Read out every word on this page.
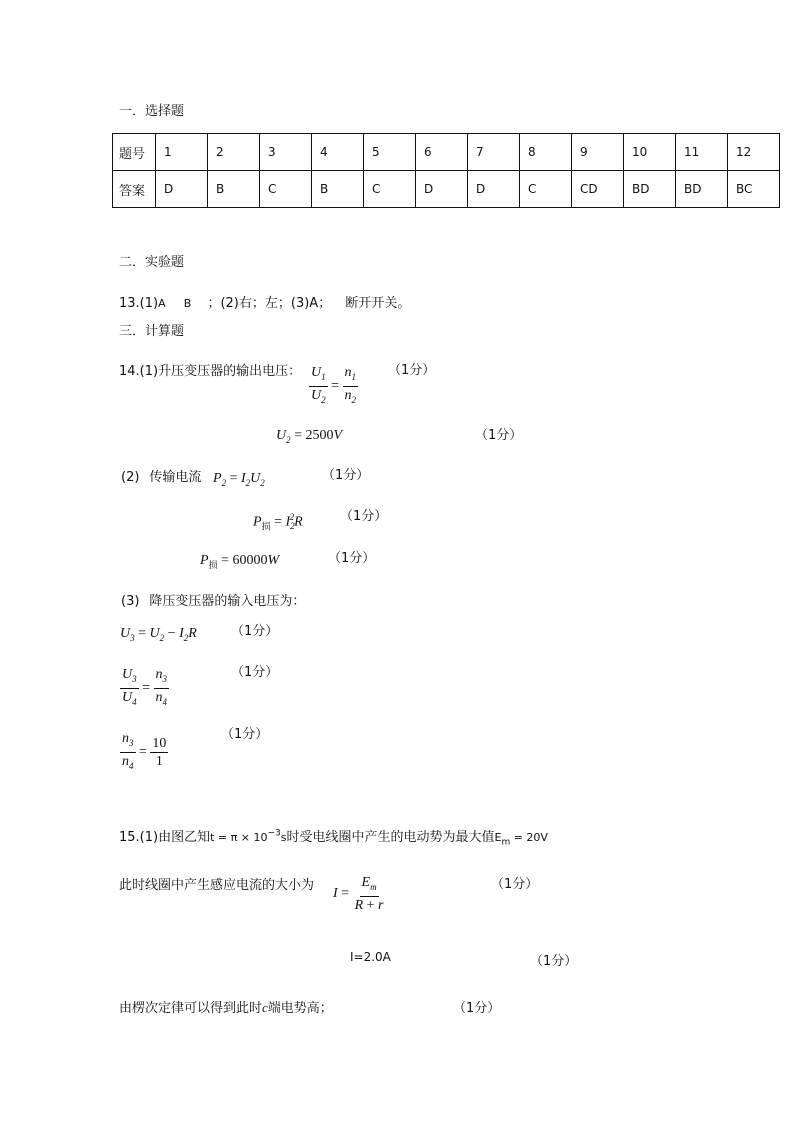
一．选择题
题号	1	2	3	4	5	6	7	8	9	10	11	12
答案	D	B	C	B	C	D	D	C	CD	BD	BD	BC
二．实验题
13.(1)A B ；(2)右；左；(3)A； 断开开关。
三．计算题
14.(1)升压变压器的输出电压： $\frac{U_1}{U_2} = \frac{n_1}{n_2} (1$分）
$U_2 = 2500V$	（1分）
(2) 传输电流 $P_2 = I_2U_2$	（1分）
$P_损 = I_2^2R$	（1分）
$P_损 = 60000W$	（1分）
(3) 降压变压器的输入电压为：
$U_3 = U_2 - I_2R$	（1分）
$\frac{U_3}{U_4} = \frac{n_3}{n_4}$	（1分）
$\frac{n_3}{n_4} = \frac{10}{1}$
（1分）
15.(1)由图乙知$t = \pi \times 10^{-3}s$时受电线圈中产生的电动势为最大值$E_m = 20V$
此时线圈中产生感应电流的大小为
$I = \frac{E_m}{R + r}$	（1分）
I=2.0A	（1分）
由楞次定律可以得到此时c端电势高；	（1分）
